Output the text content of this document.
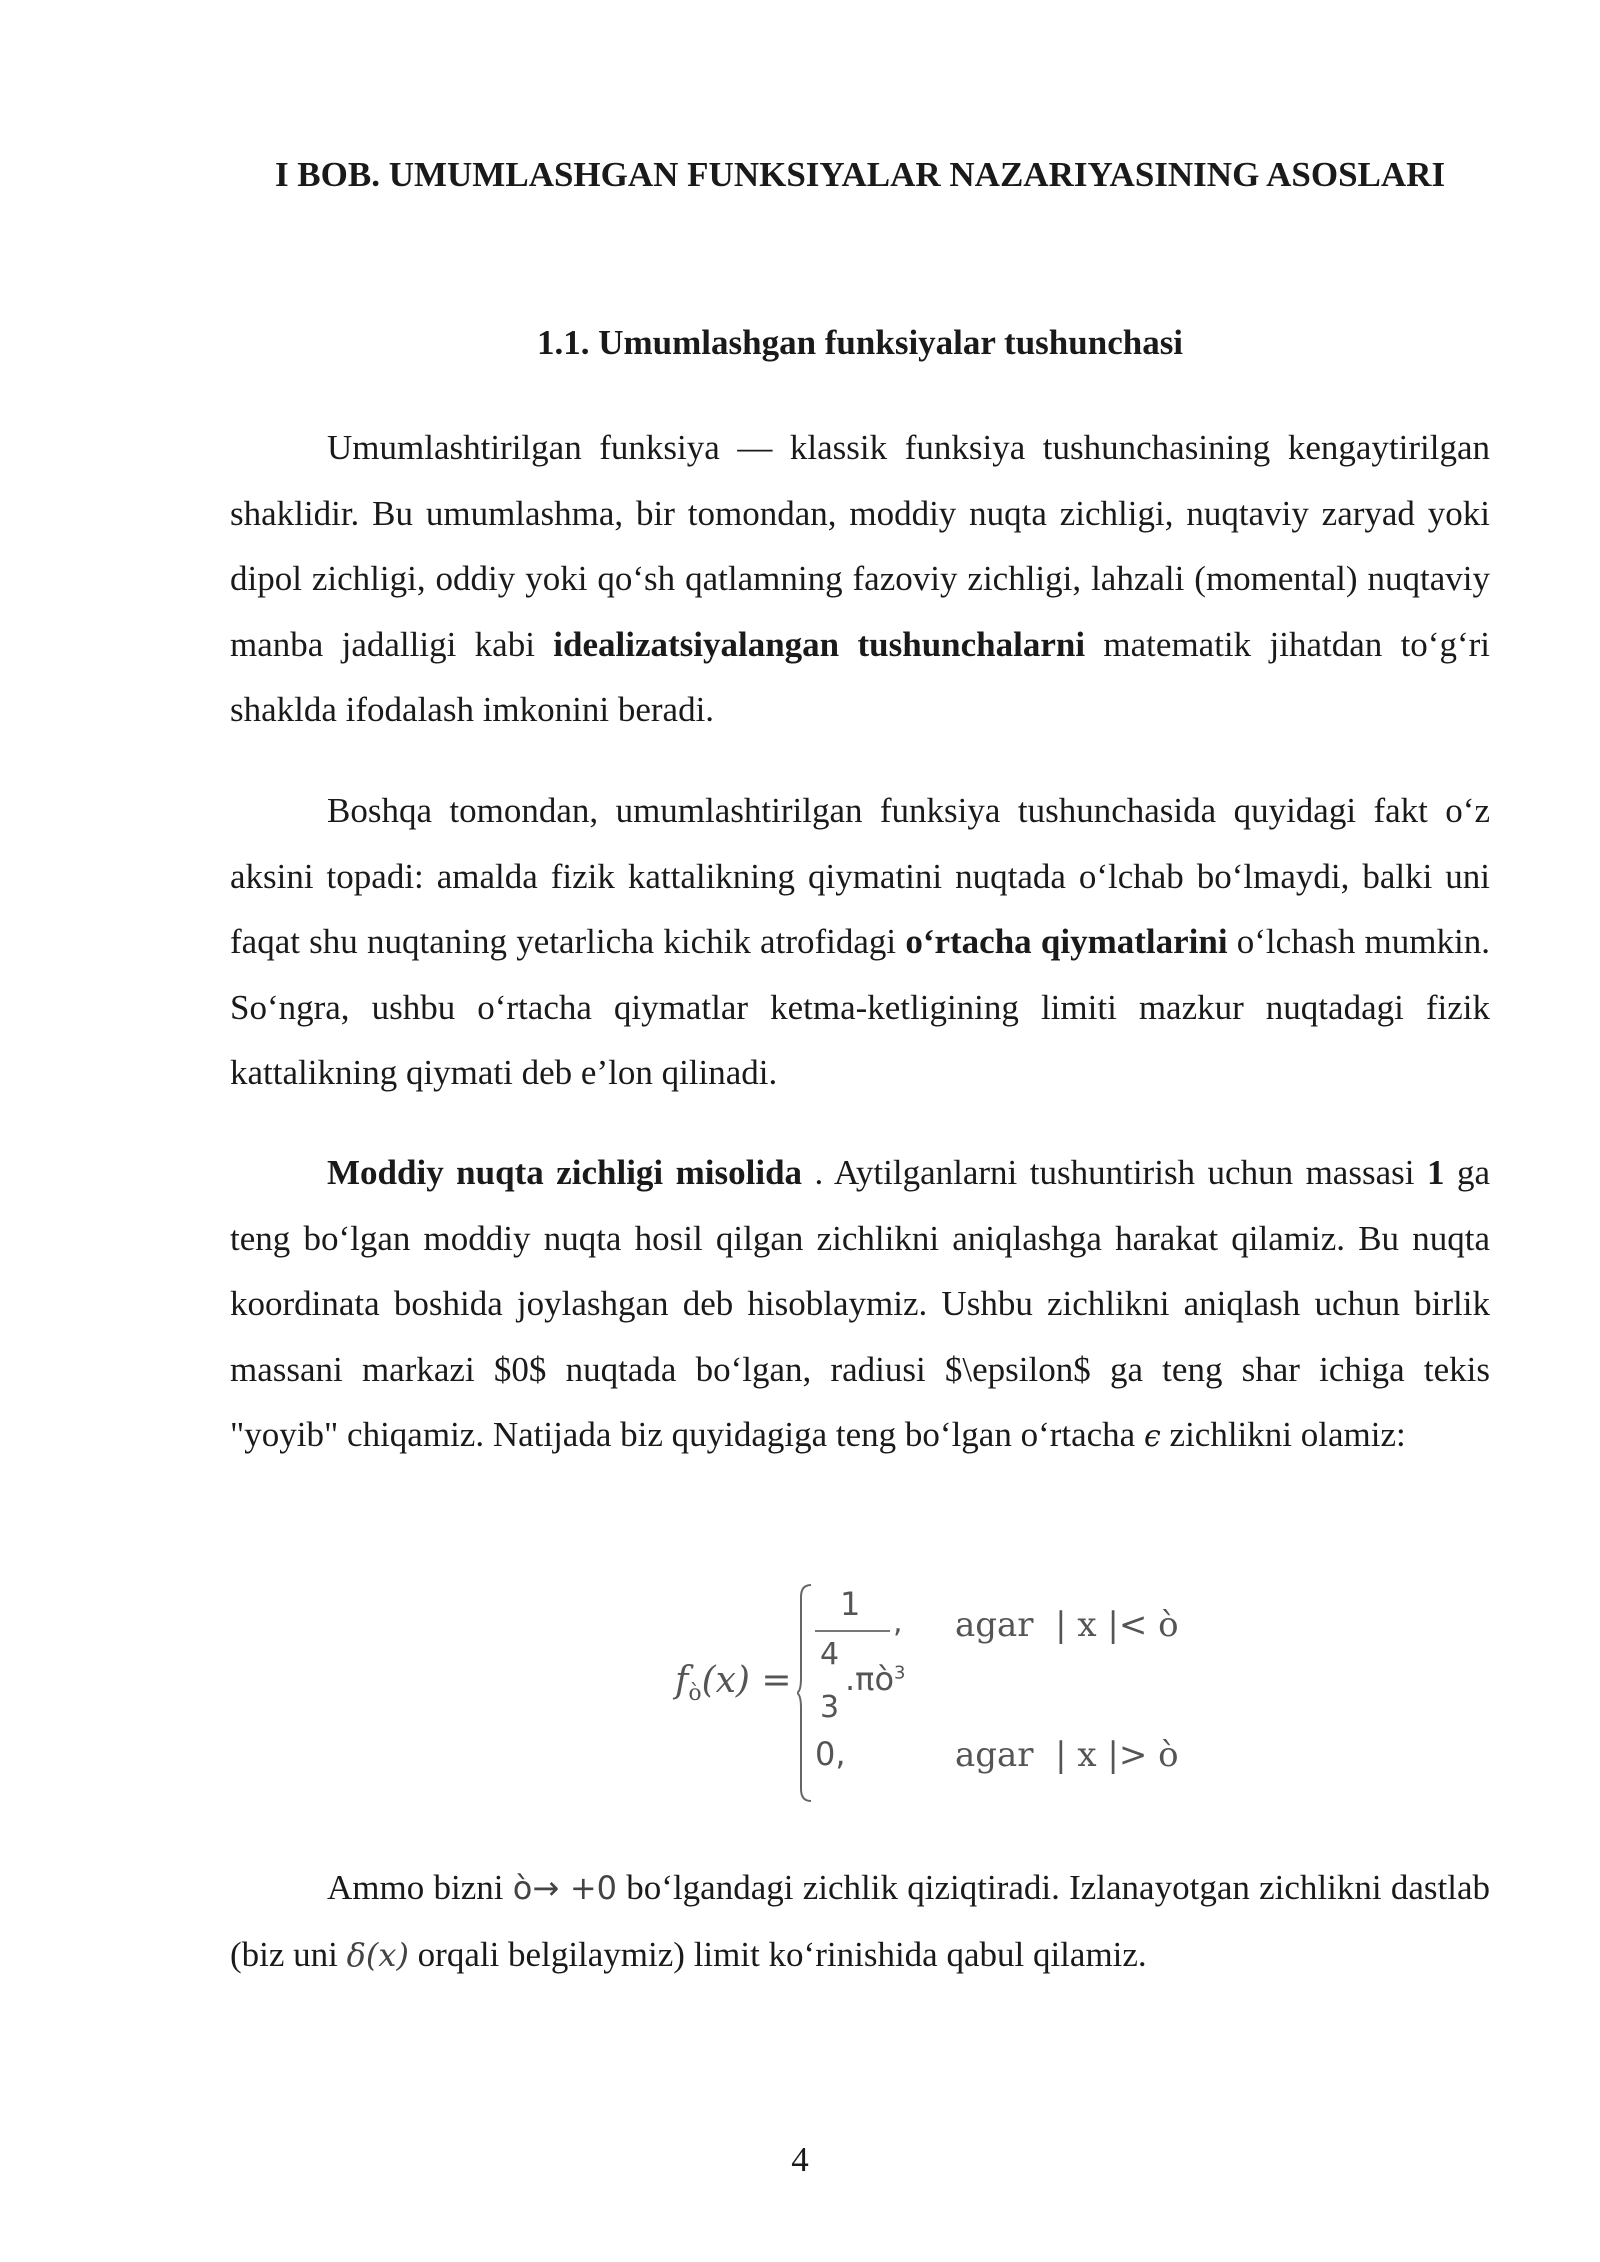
I BOB. UMUMLASHGAN FUNKSIYALAR NAZARIYASINING ASOSLARI
1.1. Umumlashgan funksiyalar tushunchasi

Umumlashtirilgan funksiya — klassik funksiya tushunchasining kengaytirilgan shaklidir. Bu umumlashma, bir tomondan, moddiy nuqta zichligi, nuqtaviy zaryad yoki dipol zichligi, oddiy yoki qo‘sh qatlamning fazoviy zichligi, lahzali (momental) nuqtaviy manba jadalligi kabi idealizatsiyalangan tushunchalarni matematik jihatdan to‘g‘ri shaklda ifodalash imkonini beradi.

Boshqa tomondan, umumlashtirilgan funksiya tushunchasida quyidagi fakt o‘z aksini topadi: amalda fizik kattalikning qiymatini nuqtada o‘lchab bo‘lmaydi, balki uni faqat shu nuqtaning yetarlicha kichik atrofidagi o‘rtacha qiymatlarini o‘lchash mumkin. So‘ngra, ushbu o‘rtacha qiymatlar ketma-ketligining limiti mazkur nuqtadagi fizik kattalikning qiymati deb e’lon qilinadi.

Moddiy nuqta zichligi misolida . Aytilganlarni tushuntirish uchun massasi 1 ga teng bo‘lgan moddiy nuqta hosil qilgan zichlikni aniqlashga harakat qilamiz. Bu nuqta koordinata boshida joylashgan deb hisoblaymiz. Ushbu zichlikni aniqlash uchun birlik massani markazi $0$ nuqtada bo‘lgan, radiusi $\epsilon$ ga teng shar ichiga tekis "yoyib" chiqamiz. Natijada biz quyidagiga teng bo‘lgan o‘rtacha ϵ zichlikni olamiz:

$f_ò(x)$ =
1 ,
4
$.\pi ò^3$
3
agar  | x |< ò
0,	agar  | x |> ò

Ammo bizni ò→ +0 bo‘lgandagi zichlik qiziqtiradi. Izlanayotgan zichlikni dastlab (biz uni δ(x) orqali belgilaymiz) limit ko‘rinishida qabul qilamiz.

4
